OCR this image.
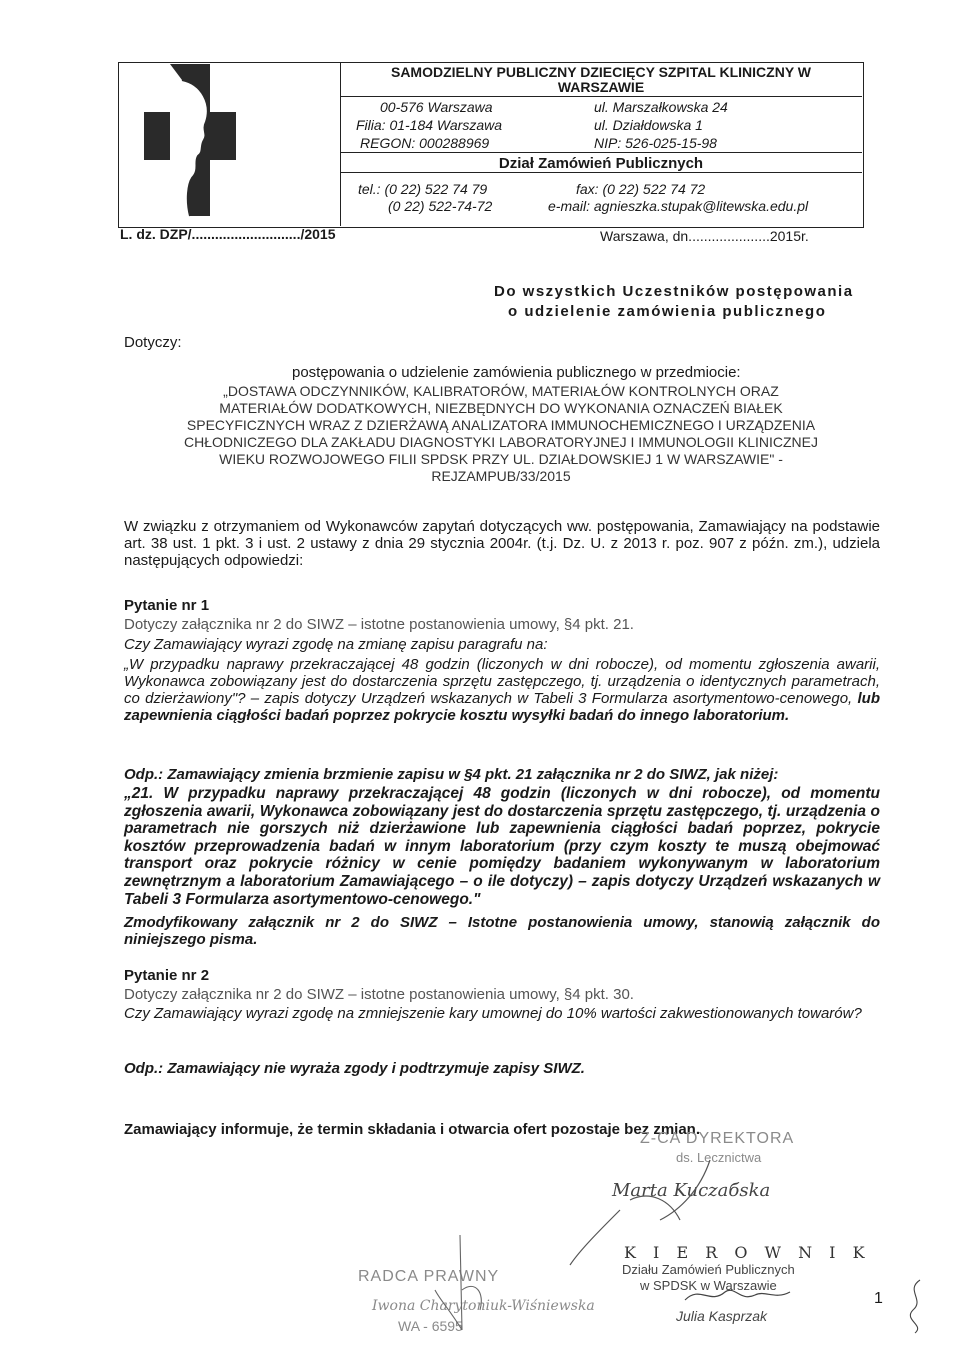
SAMODZIELNY PUBLICZNY DZIECIĘCY SZPITAL KLINICZNY W
WARSZAWIE
00-576 Warszawa
Filia: 01-184 Warszawa
REGON: 000288969
ul. Marszałkowska 24
ul. Działdowska 1
NIP: 526-025-15-98
Dział Zamówień Publicznych
tel.: (0 22) 522 74 79
(0 22) 522-74-72
fax: (0 22) 522 74 72
e-mail: agnieszka.stupak@litewska.edu.pl
L. dz. DZP/............................/2015	Warszawa, dn.....................2015r.
Do wszystkich Uczestników postępowania
o udzielenie zamówienia publicznego
Dotyczy:
postępowania o udzielenie zamówienia publicznego w przedmiocie:
„DOSTAWA ODCZYNNIKÓW, KALIBRATORÓW, MATERIAŁÓW KONTROLNYCH ORAZ
MATERIAŁÓW DODATKOWYCH, NIEZBĘDNYCH DO WYKONANIA OZNACZEŃ BIAŁEK
SPECYFICZNYCH WRAZ Z DZIERŻAWĄ ANALIZATORA IMMUNOCHEMICZNEGO I URZĄDZENIA
CHŁODNICZEGO DLA ZAKŁADU DIAGNOSTYKI LABORATORYJNEJ I IMMUNOLOGII KLINICZNEJ
WIEKU ROZWOJOWEGO FILII SPDSK PRZY UL. DZIAŁDOWSKIEJ 1 W WARSZAWIE" -
REJZAMPUB/33/2015
W związku z otrzymaniem od Wykonawców zapytań dotyczących ww. postępowania, Zamawiający na podstawie art. 38 ust. 1 pkt. 3 i ust. 2 ustawy z dnia 29 stycznia 2004r. (t.j. Dz. U. z 2013 r. poz. 907 z późn. zm.), udziela następujących odpowiedzi:
Pytanie nr 1
Dotyczy załącznika nr 2 do SIWZ – istotne postanowienia umowy, §4 pkt. 21.
Czy Zamawiający wyrazi zgodę na zmianę zapisu paragrafu na:
„W przypadku naprawy przekraczającej 48 godzin (liczonych w dni robocze), od momentu zgłoszenia awarii, Wykonawca zobowiązany jest do dostarczenia sprzętu zastępczego, tj. urządzenia o identycznych parametrach, co dzierżawiony"? – zapis dotyczy Urządzeń wskazanych w Tabeli 3 Formularza asortymentowo-cenowego, lub zapewnienia ciągłości badań poprzez pokrycie kosztu wysyłki badań do innego laboratorium.
Odp.: Zamawiający zmienia brzmienie zapisu w §4 pkt. 21 załącznika nr 2 do SIWZ, jak niżej:
„21. W przypadku naprawy przekraczającej 48 godzin (liczonych w dni robocze), od momentu zgłoszenia awarii, Wykonawca zobowiązany jest do dostarczenia sprzętu zastępczego, tj. urządzenia o parametrach nie gorszych niż dzierżawione lub zapewnienia ciągłości badań poprzez, pokrycie kosztów przeprowadzenia badań w innym laboratorium (przy czym koszty te muszą obejmować transport oraz pokrycie różnicy w cenie pomiędzy badaniem wykonywanym w laboratorium zewnętrznym a laboratorium Zamawiającego – o ile dotyczy) – zapis dotyczy Urządzeń wskazanych w Tabeli 3 Formularza asortymentowo-cenowego."
Zmodyfikowany załącznik nr 2 do SIWZ – Istotne postanowienia umowy, stanowią załącznik do niniejszego pisma.
Pytanie nr 2
Dotyczy załącznika nr 2 do SIWZ – istotne postanowienia umowy, §4 pkt. 30.
Czy Zamawiający wyrazi zgodę na zmniejszenie kary umownej do 10% wartości zakwestionowanych towarów?
Odp.: Zamawiający nie wyraża zgody i podtrzymuje zapisy SIWZ.
Zamawiający informuje, że termin składania i otwarcia ofert pozostaje bez zmian.
Z-CA DYREKTORA
ds. Lecznictwa
Marta Kuczaбska
K I E R O W N I K
Działu Zamówień Publicznych
w SPDSK w Warszawie
Julia Kasprzak
RADCA PRAWNY
Iwona Charytoniuk-Wiśniewska
WA - 6595
1
